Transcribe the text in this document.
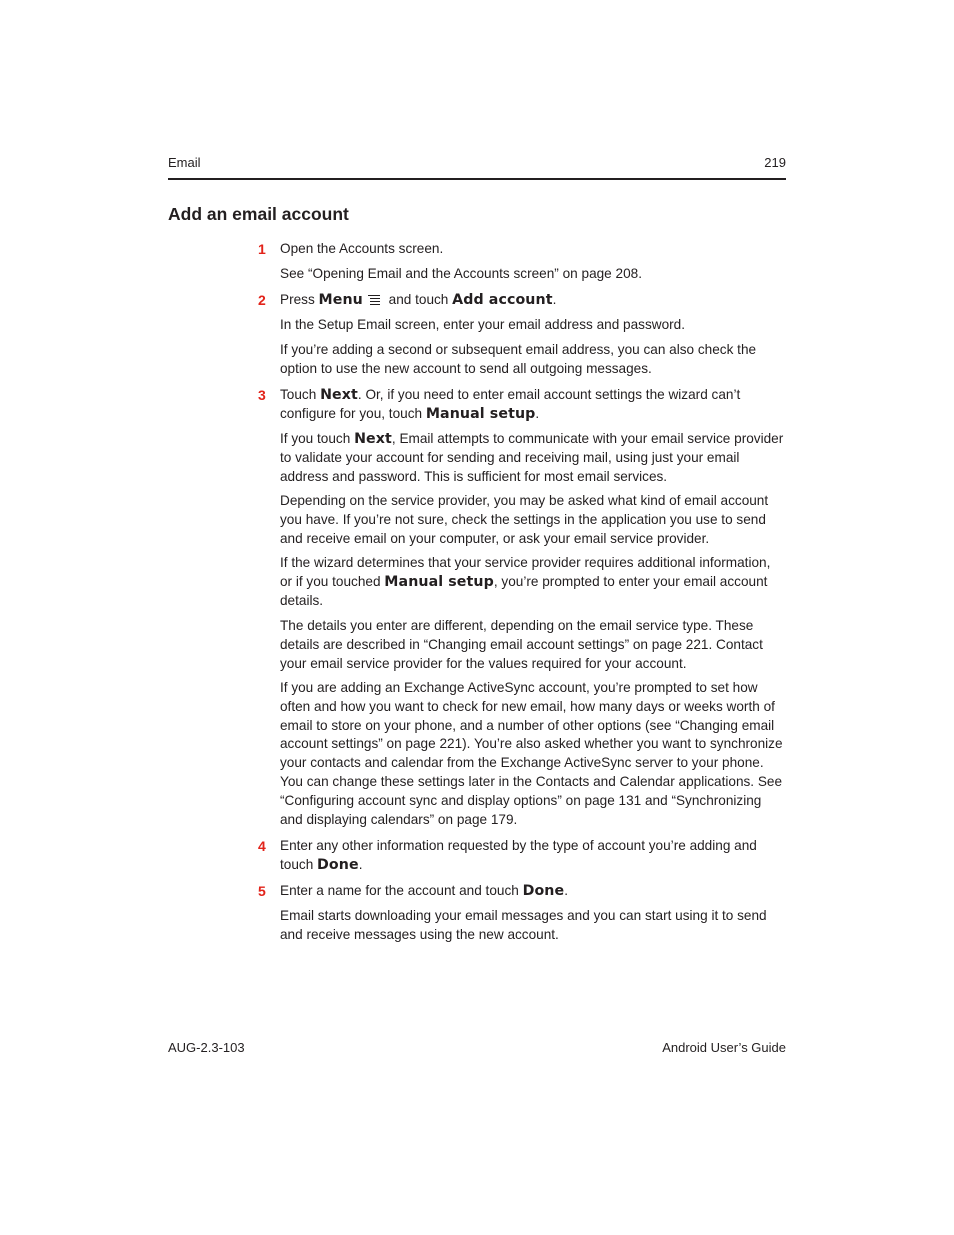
Email	219
Add an email account
1 Open the Accounts screen.

See “Opening Email and the Accounts screen” on page 208.

2 Press Menu and touch Add account.

In the Setup Email screen, enter your email address and password.

If you’re adding a second or subsequent email address, you can also check the option to use the new account to send all outgoing messages.

3 Touch Next. Or, if you need to enter email account settings the wizard can’t configure for you, touch Manual setup.

If you touch Next, Email attempts to communicate with your email service provider to validate your account for sending and receiving mail, using just your email address and password. This is sufficient for most email services.

Depending on the service provider, you may be asked what kind of email account you have. If you’re not sure, check the settings in the application you use to send and receive email on your computer, or ask your email service provider.

If the wizard determines that your service provider requires additional information, or if you touched Manual setup, you’re prompted to enter your email account details.

The details you enter are different, depending on the email service type. These details are described in “Changing email account settings” on page 221. Contact your email service provider for the values required for your account.

If you are adding an Exchange ActiveSync account, you’re prompted to set how often and how you want to check for new email, how many days or weeks worth of email to store on your phone, and a number of other options (see “Changing email account settings” on page 221). You’re also asked whether you want to synchronize your contacts and calendar from the Exchange ActiveSync server to your phone. You can change these settings later in the Contacts and Calendar applications. See “Configuring account sync and display options” on page 131 and “Synchronizing and displaying calendars” on page 179.

4 Enter any other information requested by the type of account you’re adding and touch Done.

5 Enter a name for the account and touch Done.

Email starts downloading your email messages and you can start using it to send and receive messages using the new account.

AUG-2.3-103	Android User’s Guide
